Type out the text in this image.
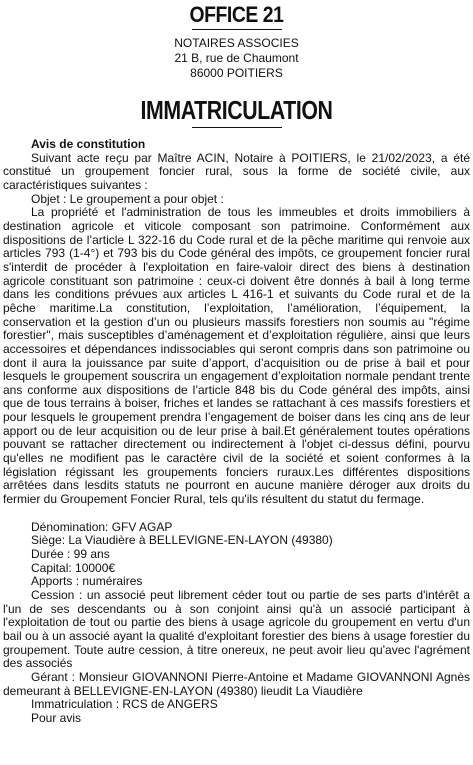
OFFICE 21
NOTAIRES ASSOCIES
21 B, rue de Chaumont
86000 POITIERS
IMMATRICULATION

Avis de constitution

Suivant acte reçu par Maître ACIN, Notaire à POITIERS, le 21/02/2023, a été constitué un groupement foncier rural, sous la forme de société civile, aux caractéristiques suivantes :

Objet : Le groupement a pour objet :

La propriété et l'administration de tous les immeubles et droits immobiliers à destination agricole et viticole composant son patrimoine. Conformément aux dispositions de l’article L 322-16 du Code rural et de la pêche maritime qui renvoie aux articles 793 (1-4°) et 793 bis du Code général des impôts, ce groupement foncier rural s'interdit de procéder à l'exploitation en faire-valoir direct des biens à destination agricole constituant son patrimoine : ceux-ci doivent être donnés à bail à long terme dans les conditions prévues aux articles L 416-1 et suivants du Code rural et de la pêche maritime.La constitution, l’exploitation, l’amélioration, l’équipement, la conservation et la gestion d’un ou plusieurs massifs forestiers non soumis au "régime forestier", mais susceptibles d’aménagement et d’exploitation régulière, ainsi que leurs accessoires et dépendances indissociables qui seront compris dans son patrimoine ou dont il aura la jouissance par suite d’apport, d’acquisition ou de prise à bail et pour lesquels le groupement souscrira un engagement d’exploitation normale pendant trente ans conforme aux dispositions de l’article 848 bis du Code général des impôts, ainsi que de tous terrains à boiser, friches et landes se rattachant à ces massifs forestiers et pour lesquels le groupement prendra l’engagement de boiser dans les cinq ans de leur apport ou de leur acquisition ou de leur prise à bail.Et généralement toutes opérations pouvant se rattacher directement ou indirectement à l'objet ci-dessus défini, pourvu qu'elles ne modifient pas le caractère civil de la société et soient conformes à la législation régissant les groupements fonciers ruraux.Les différentes dispositions arrêtées dans lesdits statuts ne pourront en aucune manière déroger aux droits du fermier du Groupement Foncier Rural, tels qu'ils résultent du statut du fermage.

Dénomination: GFV AGAP

Siège: La Viaudière à BELLEVIGNE-EN-LAYON (49380)

Durée : 99 ans

Capital: 10000€

Apports : numéraires

Cession : un associé peut librement céder tout ou partie de ses parts d'intérêt a l'un de ses descendants ou à son conjoint ainsi qu'à un associé participant à l'exploitation de tout ou partie des biens à usage agricole du groupement en vertu d'un bail ou à un associé ayant la qualité d'exploitant forestier des biens à usage forestier du groupement. Toute autre cession, à titre onereux, ne peut avoir lieu qu'avec l'agrément des associés

Gérant : Monsieur GIOVANNONI Pierre-Antoine et Madame GIOVANNONI Agnès demeurant à BELLEVIGNE-EN-LAYON (49380) lieudit La Viaudière

Immatriculation : RCS de ANGERS

Pour avis
